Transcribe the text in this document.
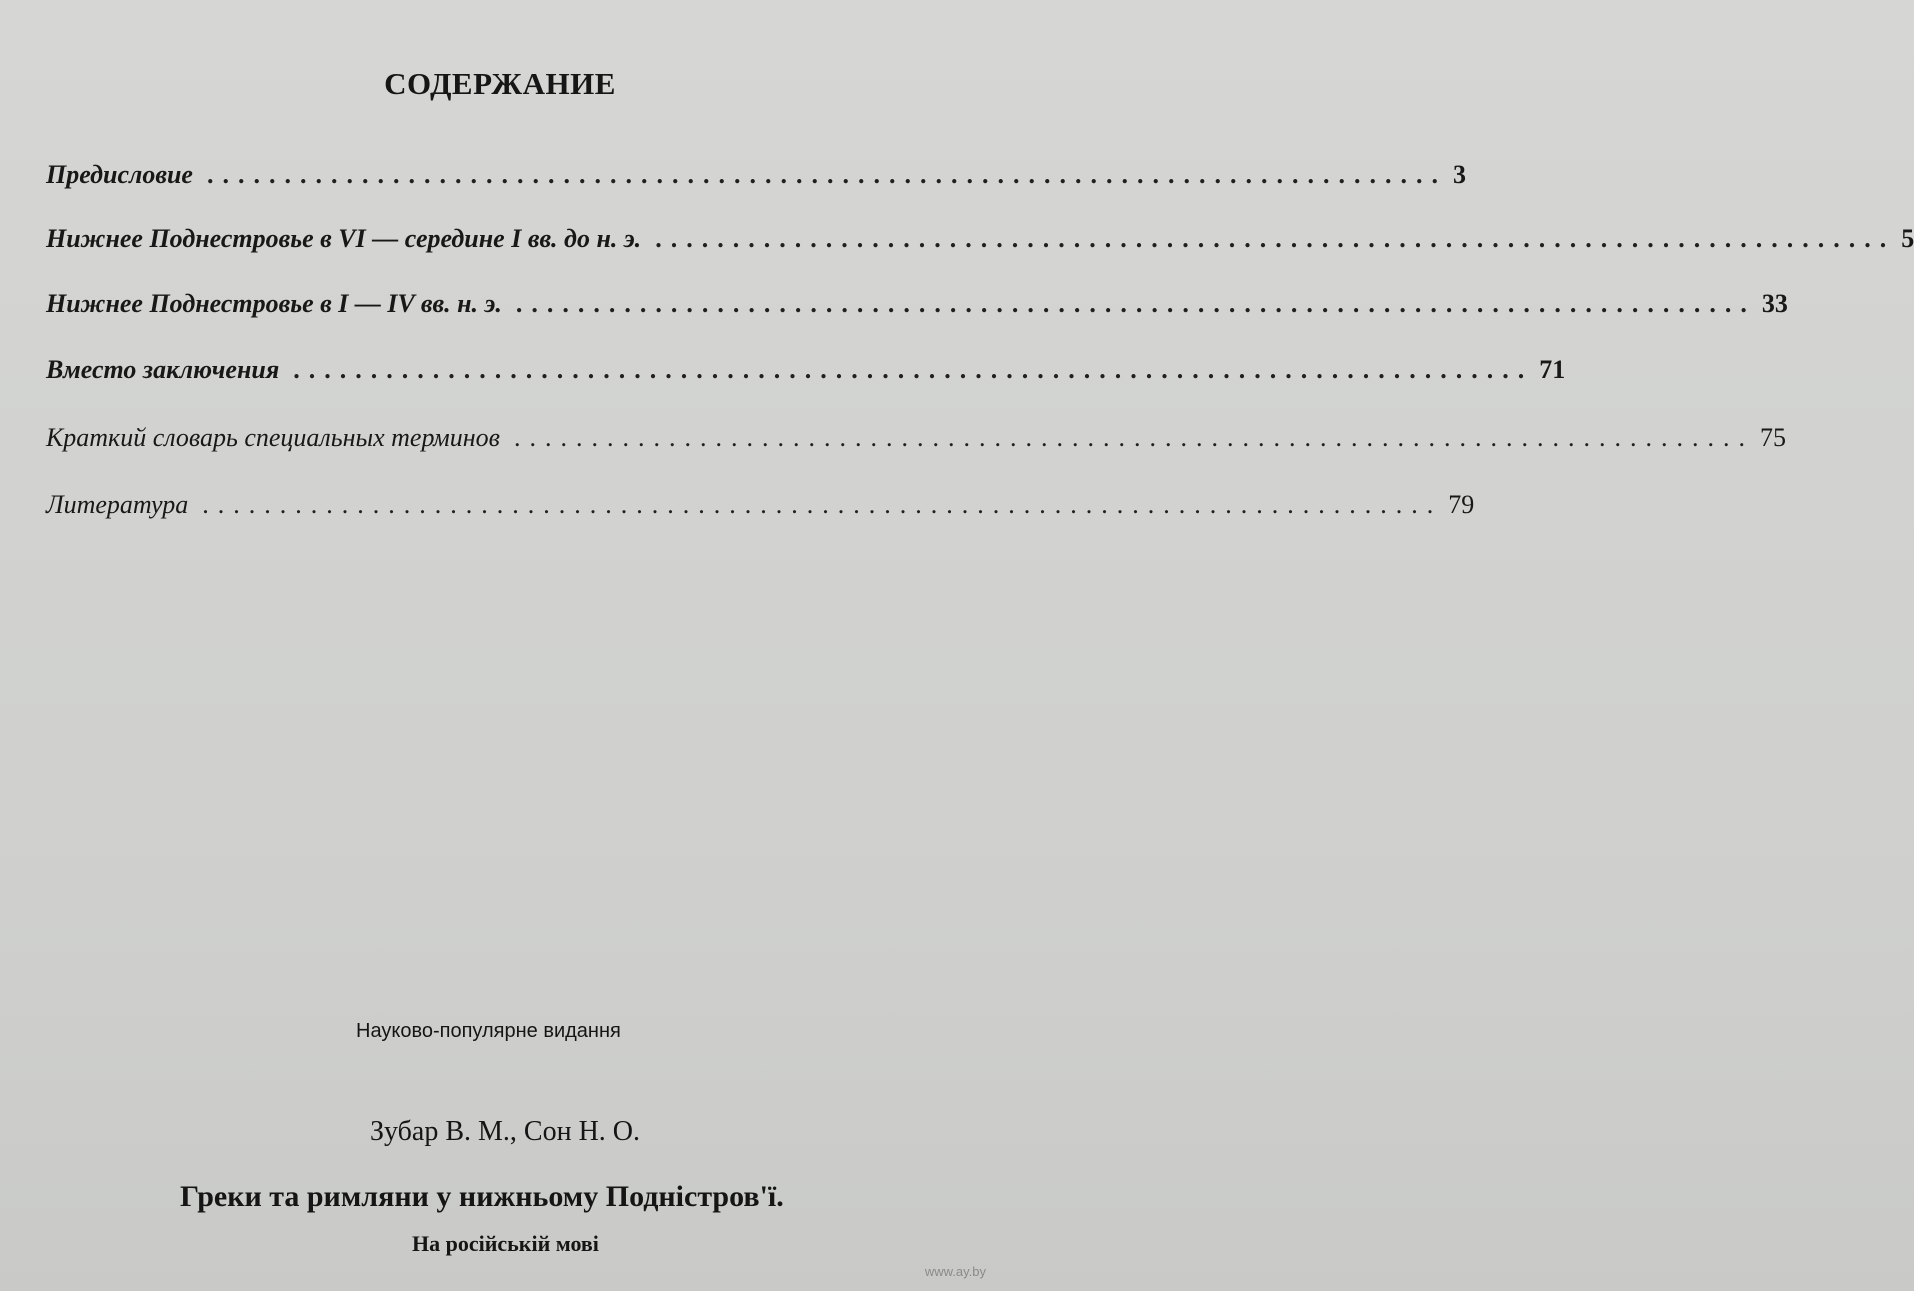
СОДЕРЖАНИЕ
Предисловие ................................................................................ 3
Нижнее Поднестровье в VI — середине I вв. до н. э. ................................................................................ 5
Нижнее Поднестровье в I — IV вв. н. э. ................................................................................ 33
Вместо заключения ................................................................................ 71
Краткий словарь специальных терминов ................................................................................ 75
Литература ................................................................................ 79
Науково-популярне видання
Зубар В. М., Сон Н. О.
Греки та римляни у нижньому Подністров'ї.
На російській мові
www.ay.by
